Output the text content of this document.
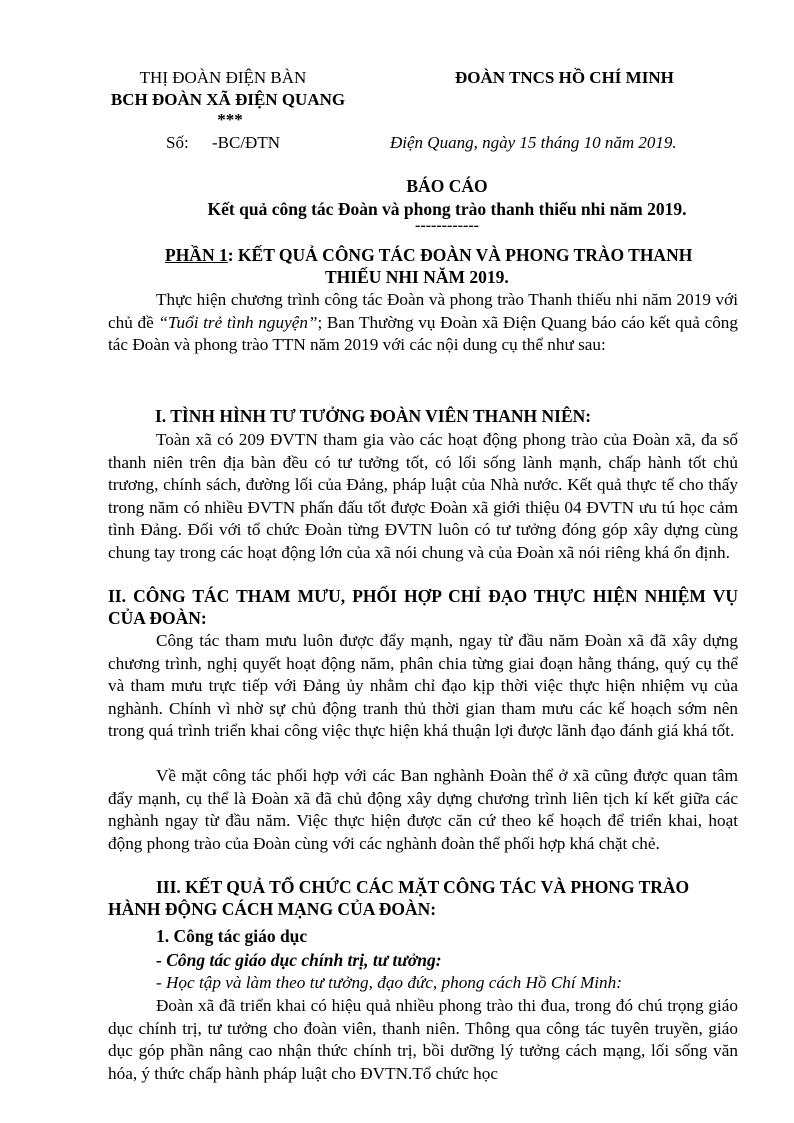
THỊ ĐOÀN ĐIỆN BÀN
BCH ĐOÀN XÃ ĐIỆN QUANG
***
Số: -BC/ĐTN
ĐOÀN TNCS HỒ CHÍ MINH
Điện Quang, ngày 15 tháng 10 năm 2019.
BÁO CÁO
Kết quả công tác Đoàn và phong trào thanh thiếu nhi năm 2019.
------------
PHẦN 1: KẾT QUẢ CÔNG TÁC ĐOÀN VÀ PHONG TRÀO THANH
THIẾU NHI NĂM 2019.
Thực hiện chương trình công tác Đoàn và phong trào Thanh thiếu nhi năm 2019 với chủ đề “Tuổi trẻ tình nguyện”; Ban Thường vụ Đoàn xã Điện Quang báo cáo kết quả công tác Đoàn và phong trào TTN năm 2019 với các nội dung cụ thể như sau:
I. TÌNH HÌNH TƯ TƯỞNG ĐOÀN VIÊN THANH NIÊN:
Toàn xã có 209 ĐVTN tham gia vào các hoạt động phong trào của Đoàn xã, đa số thanh niên trên địa bàn đều có tư tưởng tốt, có lối sống lành mạnh, chấp hành tốt chủ trương, chính sách, đường lối của Đảng, pháp luật của Nhà nước. Kết quả thực tế cho thấy trong năm có nhiều ĐVTN phấn đấu tốt được Đoàn xã giới thiệu 04 ĐVTN ưu tú học cảm tình Đảng. Đối với tổ chức Đoàn từng ĐVTN luôn có tư tưởng đóng góp xây dựng cùng chung tay trong các hoạt động lớn của xã nói chung và của Đoàn xã nói riêng khá ổn định.
II. CÔNG TÁC THAM MƯU, PHỐI HỢP CHỈ ĐẠO THỰC HIỆN NHIỆM VỤ CỦA ĐOÀN:
Công tác tham mưu luôn được đẩy mạnh, ngay từ đầu năm Đoàn xã đã xây dựng chương trình, nghị quyết hoạt động năm, phân chia từng giai đoạn hằng tháng, quý cụ thể và tham mưu trực tiếp với Đảng ủy nhằm chỉ đạo kịp thời việc thực hiện nhiệm vụ của nghành. Chính vì nhờ sự chủ động tranh thủ thời gian tham mưu các kế hoạch sớm nên trong quá trình triển khai công việc thực hiện khá thuận lợi được lãnh đạo đánh giá khá tốt.
Về mặt công tác phối hợp với các Ban nghành Đoàn thể ở xã cũng được quan tâm đẩy mạnh, cụ thể là Đoàn xã đã chủ động xây dựng chương trình liên tịch kí kết giữa các nghành ngay từ đầu năm. Việc thực hiện được căn cứ theo kế hoạch để triển khai, hoạt động phong trào của Đoàn cùng với các nghành đoàn thể phối hợp khá chặt chẻ.
III. KẾT QUẢ TỔ CHỨC CÁC MẶT CÔNG TÁC VÀ PHONG TRÀO HÀNH ĐỘNG CÁCH MẠNG CỦA ĐOÀN:
1. Công tác giáo dục
- Công tác giáo dục chính trị, tư tưởng:
- Học tập và làm theo tư tưởng, đạo đức, phong cách Hồ Chí Minh:
Đoàn xã đã triển khai có hiệu quả nhiều phong trào thi đua, trong đó chú trọng giáo dục chính trị, tư tưởng cho đoàn viên, thanh niên. Thông qua công tác tuyên truyền, giáo dục góp phần nâng cao nhận thức chính trị, bồi dưỡng lý tưởng cách mạng, lối sống văn hóa, ý thức chấp hành pháp luật cho ĐVTN.Tổ chức học
